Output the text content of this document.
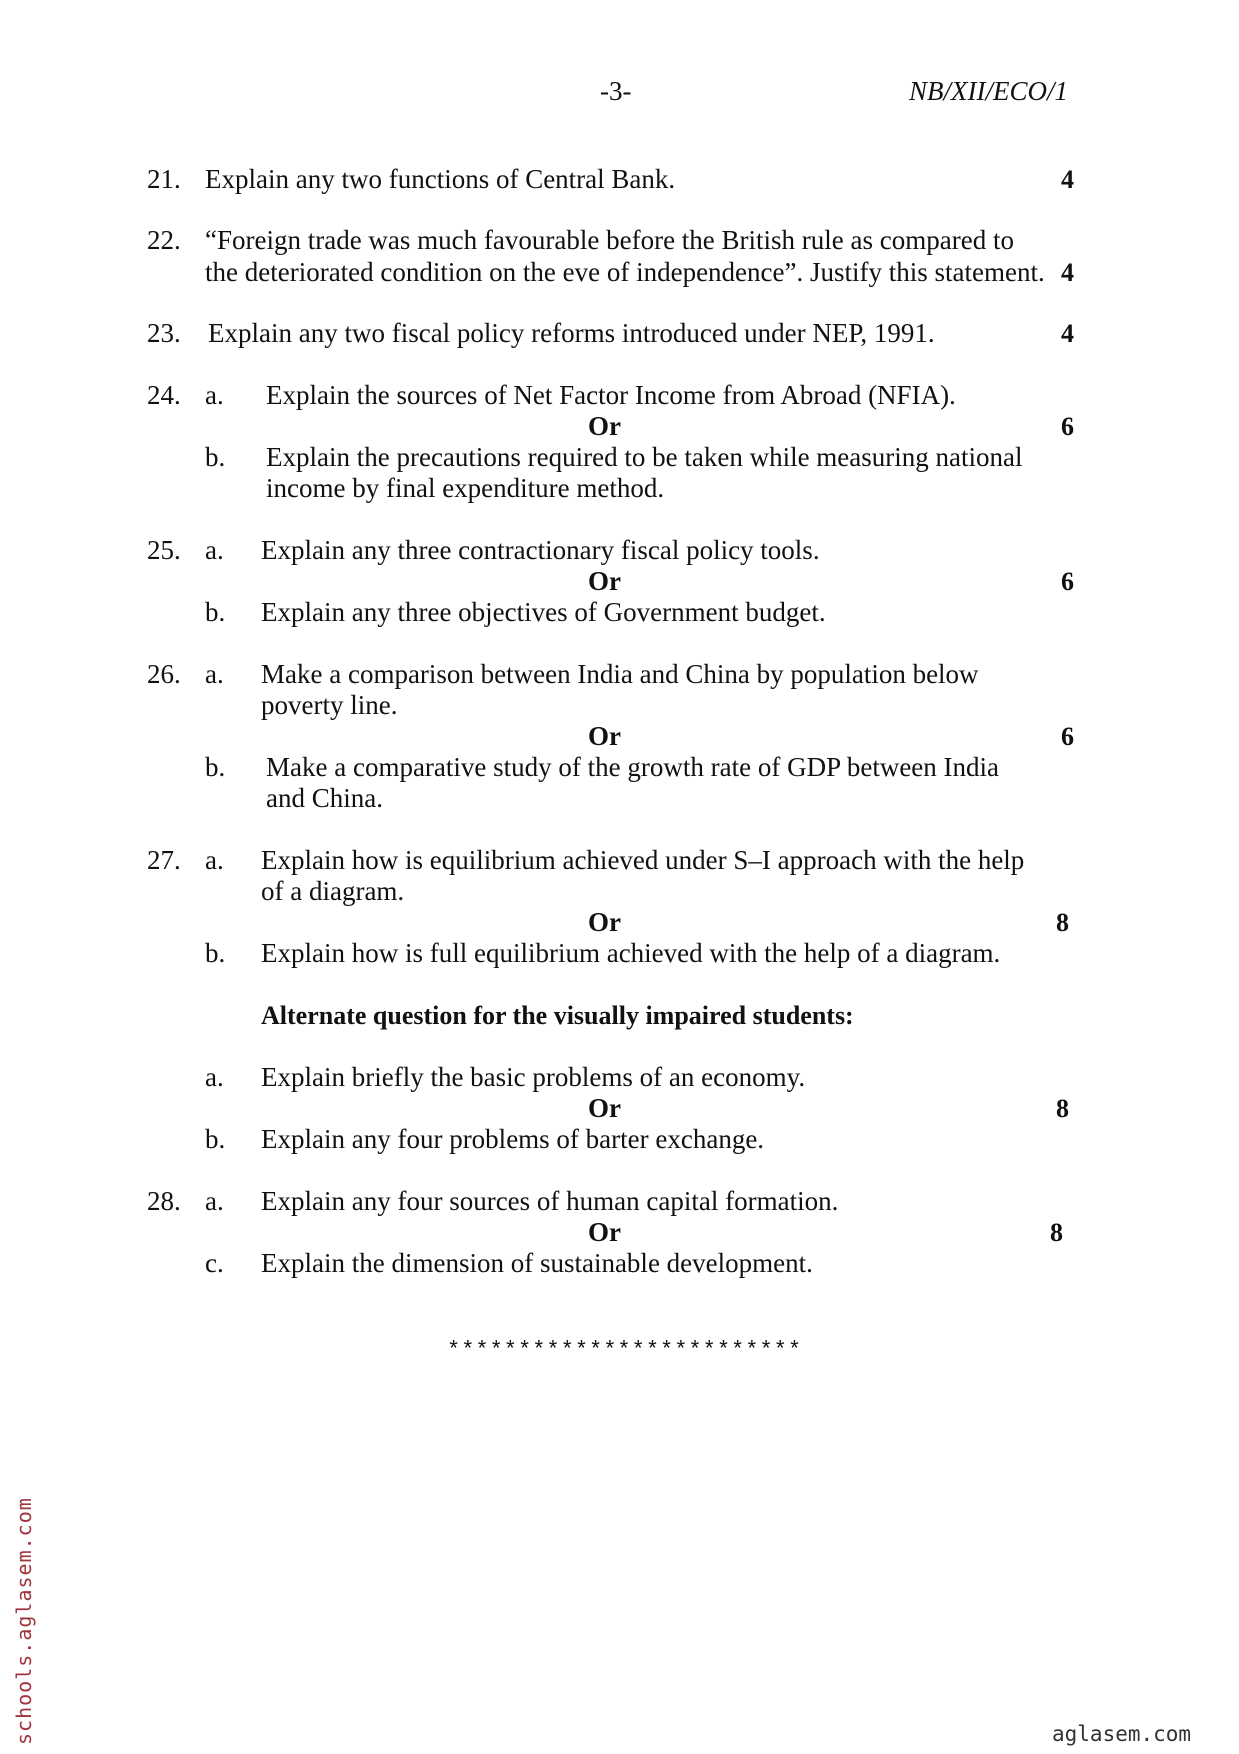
-3-	NB/XII/ECO/1
21. Explain any two functions of Central Bank.	4
22. “Foreign trade was much favourable before the British rule as compared to
the deteriorated condition on the eve of independence”. Justify this statement. 4
23. Explain any two fiscal policy reforms introduced under NEP, 1991.	4
24. a. Explain the sources of Net Factor Income from Abroad (NFIA).
Or	6
b. Explain the precautions required to be taken while measuring national
income by final expenditure method.
25. a. Explain any three contractionary fiscal policy tools.
Or	6
b. Explain any three objectives of Government budget.
26. a. Make a comparison between India and China by population below
poverty line.
Or	6
b. Make a comparative study of the growth rate of GDP between India
and China.
27. a. Explain how is equilibrium achieved under S–I approach with the help
of a diagram.
Or	8
b. Explain how is full equilibrium achieved with the help of a diagram.
Alternate question for the visually impaired students:
a. Explain briefly the basic problems of an economy.
Or	8
b. Explain any four problems of barter exchange.
28. a. Explain any four sources of human capital formation.
Or	8
c. Explain the dimension of sustainable development.
*************************
schools.aglasem.com	aglasem.com
